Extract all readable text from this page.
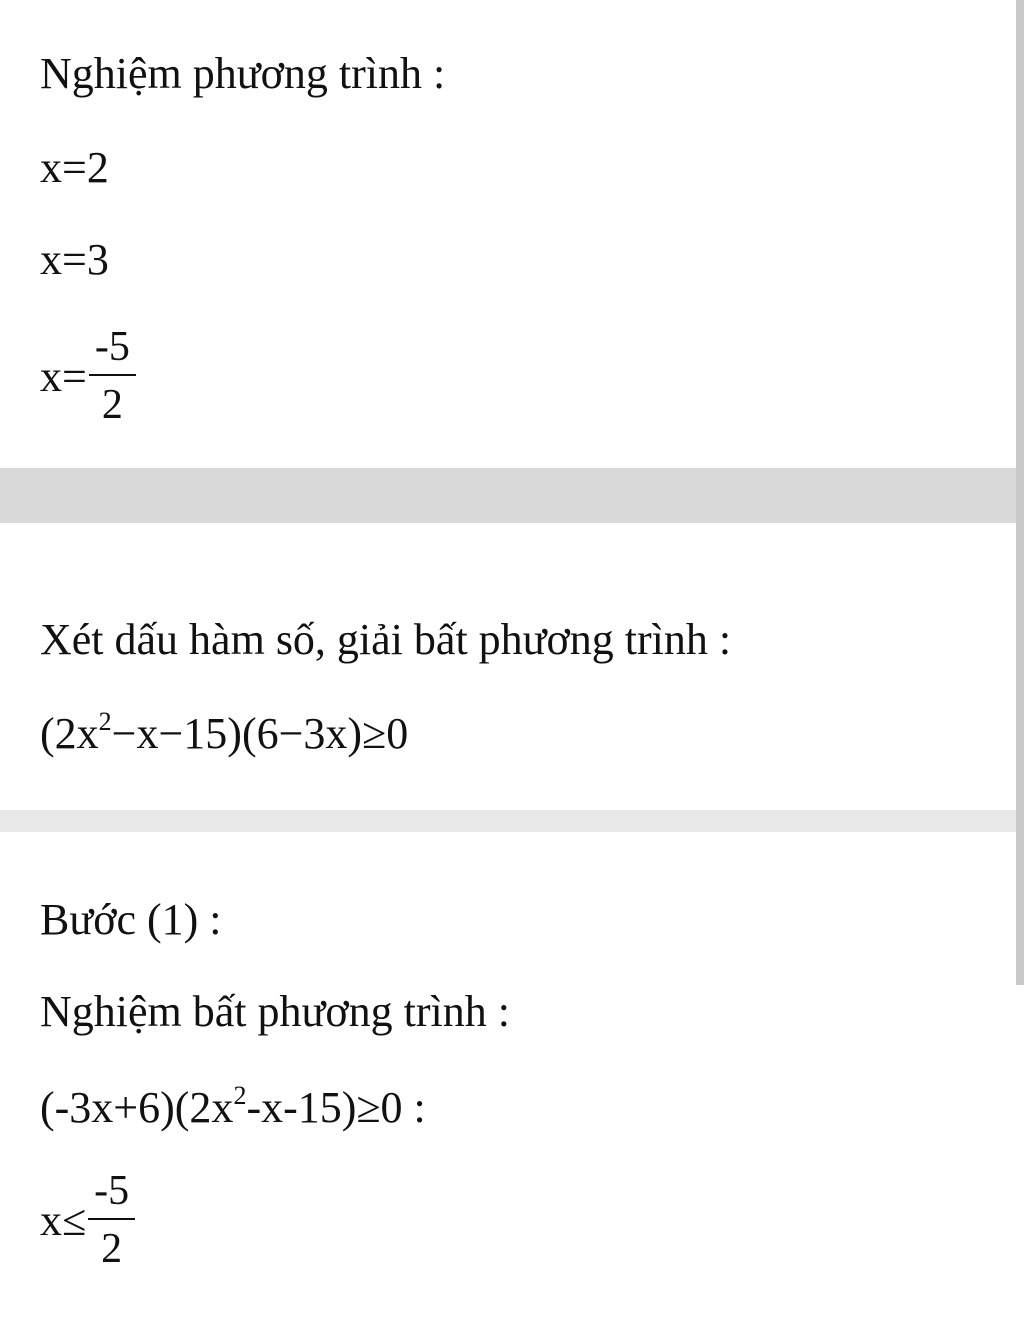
Nghiệm phương trình :
x=2
x=3
$x= \frac{-5}{2}$
Xét dấu hàm số, giải bất phương trình :
$(2x^2-x-15)(6-3x)\ge 0$
Bước (1) :
Nghiệm bất phương trình :
$(-3x+6)(2x^2-x-15)\ge 0$ :
$x\le \frac{-5}{2}$
